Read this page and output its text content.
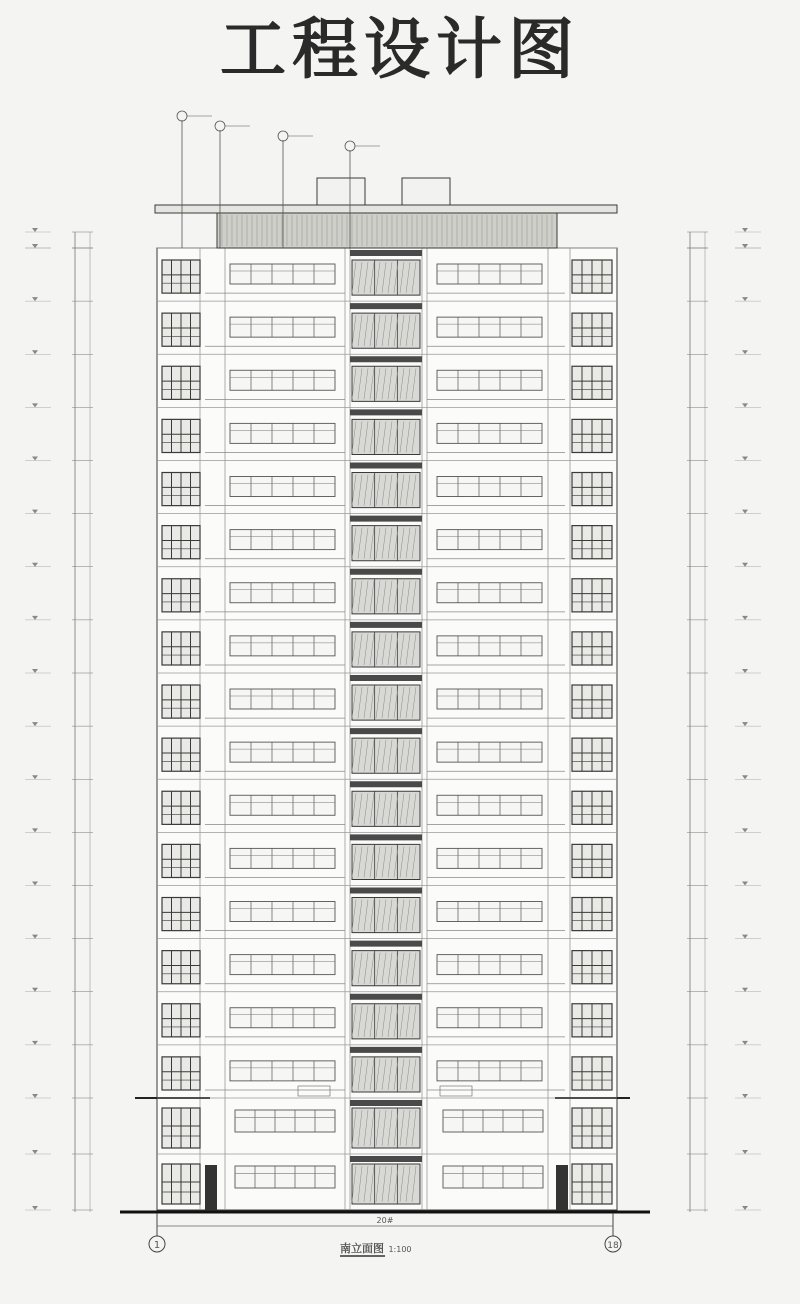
工程设计图
1	18
20#
南立面图 1:100
